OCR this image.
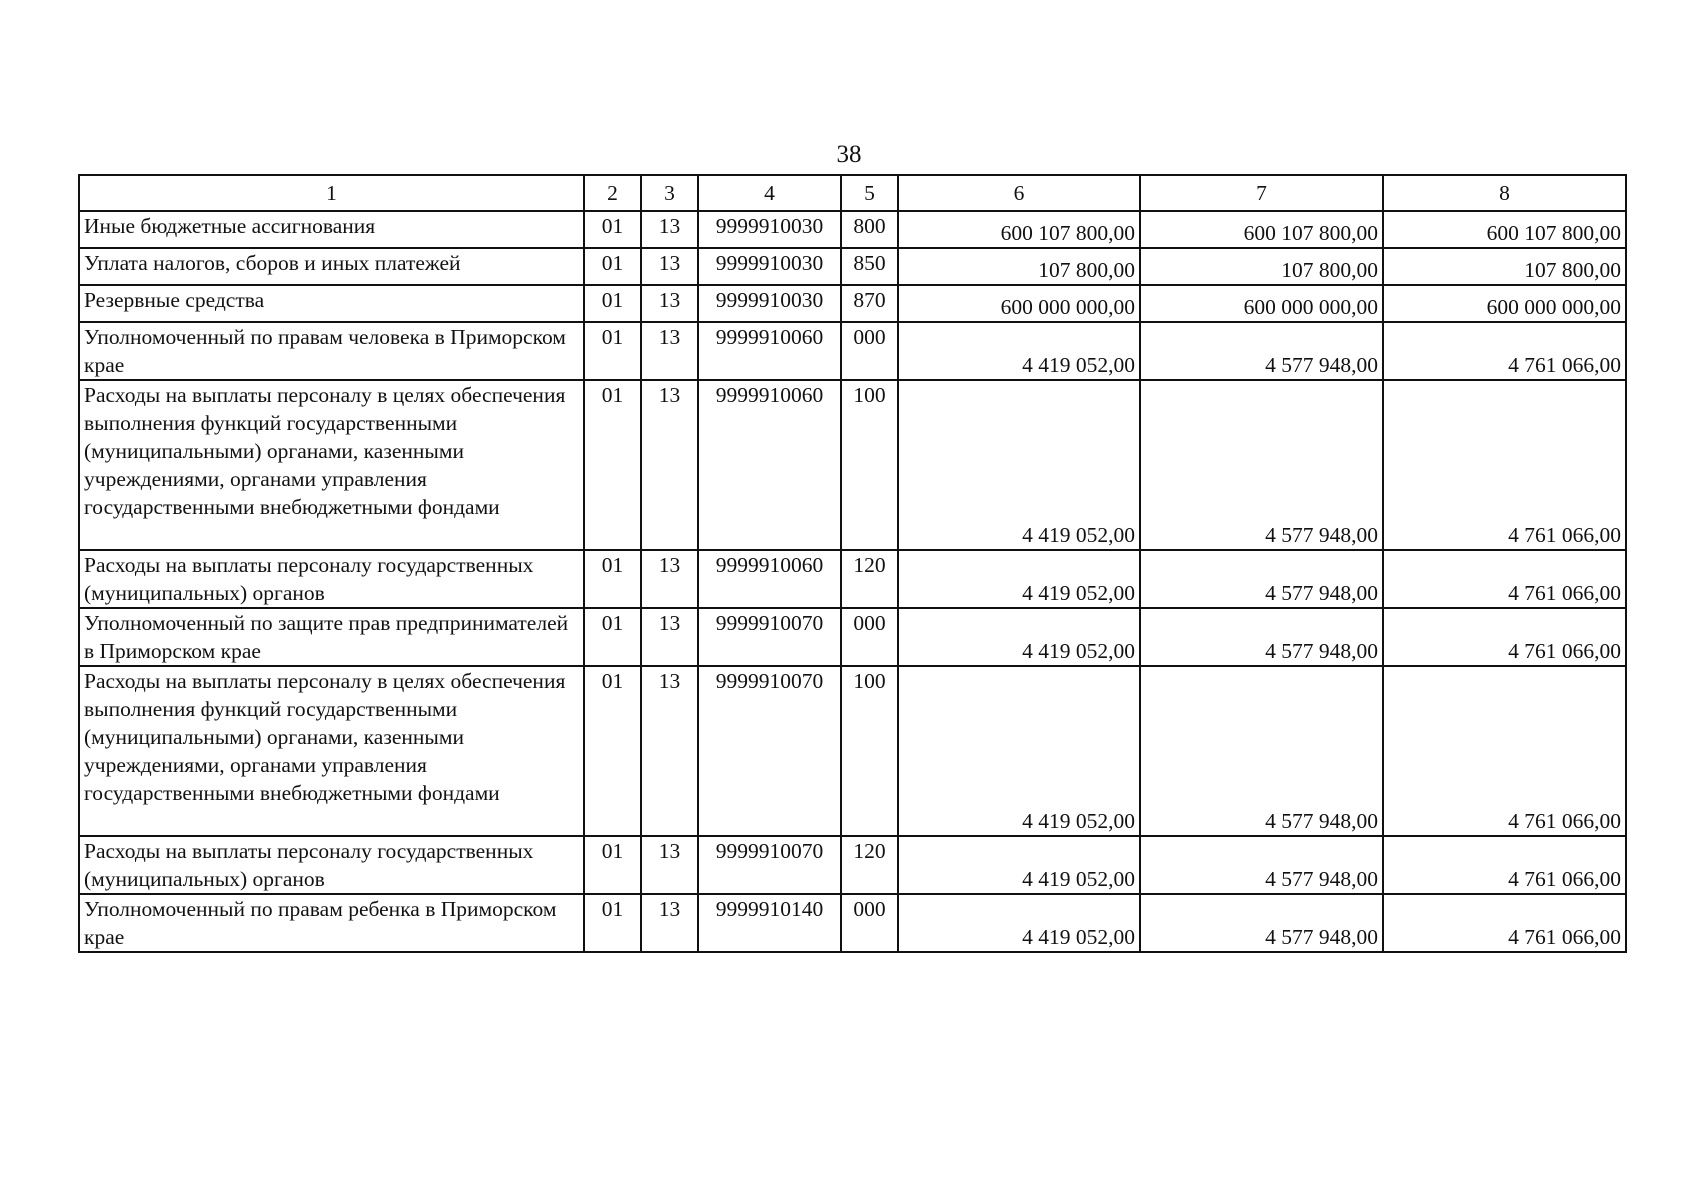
38
1	2	3	4	5	6	7	8
Иные бюджетные ассигнования	01	13	9999910030	800	600 107 800,00	600 107 800,00	600 107 800,00
Уплата налогов, сборов и иных платежей	01	13	9999910030	850	107 800,00	107 800,00	107 800,00
Резервные средства	01	13	9999910030	870	600 000 000,00	600 000 000,00	600 000 000,00
Уполномоченный по правам человека в Приморском крае	01	13	9999910060	000	4 419 052,00	4 577 948,00	4 761 066,00
Расходы на выплаты персоналу в целях обеспечения выполнения функций государственными (муниципальными) органами, казенными учреждениями, органами управления государственными внебюджетными фондами	01	13	9999910060	100	4 419 052,00	4 577 948,00	4 761 066,00
Расходы на выплаты персоналу государственных (муниципальных) органов	01	13	9999910060	120	4 419 052,00	4 577 948,00	4 761 066,00
Уполномоченный по защите прав предпринимателей в Приморском крае	01	13	9999910070	000	4 419 052,00	4 577 948,00	4 761 066,00
Расходы на выплаты персоналу в целях обеспечения выполнения функций государственными (муниципальными) органами, казенными учреждениями, органами управления государственными внебюджетными фондами	01	13	9999910070	100	4 419 052,00	4 577 948,00	4 761 066,00
Расходы на выплаты персоналу государственных (муниципальных) органов	01	13	9999910070	120	4 419 052,00	4 577 948,00	4 761 066,00
Уполномоченный по правам ребенка в Приморском крае	01	13	9999910140	000	4 419 052,00	4 577 948,00	4 761 066,00
